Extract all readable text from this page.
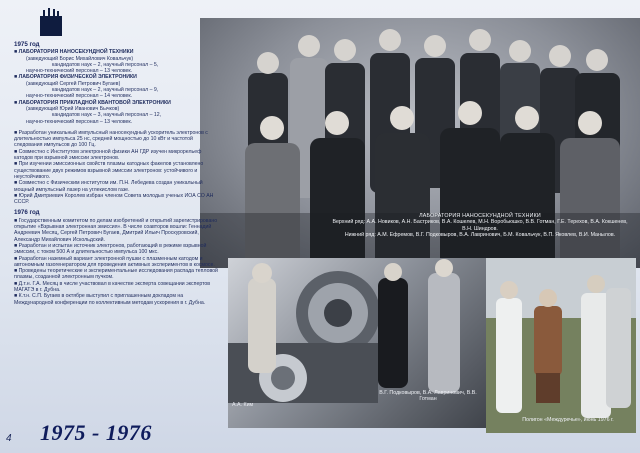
ЛАБОРАТОРИЯ НАНОСЕКУНДНОЙ ТЕХНИКИ
Верхний ряд: А.А. Новиков, А.Н. Бастриков, В.А. Кошелев, М.Н. Воробьюшко, В.В. Готман, Г.Е. Терехов, В.А. Кокшенев, В.Н. Шиндров.
Нижний ряд: А.М. Ефремов, В.Г. Подковыров, В.А. Лавринович, Б.М. Ковальчук, В.П. Яковлев, В.И. Манылов.
А.А. Ким
В.Г. Подковыров, В.А. Лавринович, В.В. Готман
Полигон «Междуречье», июнь 1976 г.
1975 год
■ ЛАБОРАТОРИЯ НАНОСЕКУНДНОЙ ТЕХНИКИ
(заведующий Борис Михайлович Ковальчук)
кандидатов наук – 2, научный персонал – 5,
научно-технический персонал – 13 человек.
■ ЛАБОРАТОРИЯ ФИЗИЧЕСКОЙ ЭЛЕКТРОНИКИ
(заведующий Сергей Петрович Бугаев)
кандидатов наук – 2, научный персонал – 9,
научно-технический персонал – 14 человек.
■ ЛАБОРАТОРИЯ ПРИКЛАДНОЙ КВАНТОВОЙ ЭЛЕКТРОНИКИ
(заведующий Юрий Иванович Бычков)
кандидатов наук – 3, научный персонал – 12,
научно-технический персонал – 13 человек.

■ Разработан уникальный импульсный наносекундный ускоритель электронов с длительностью импульса 25 нс, средней мощностью до 10 кВт и частотой следования импульсов до 100 Гц.

■ Совместно с Институтом электронной физики АН ГДР изучен микрорельеф катодов при взрывной эмиссии электронов.

■ При изучении эмиссионных свойств плазмы катодных факелов установлено существование двух режимов взрывной эмиссии электронов: устойчивого и неустойчивого.

■ Совместно с Физическим институтом им. П.Н. Лебедева создан уникальный мощный импульсный лазер на углекислом газе.

■ Юрий Дмитриевич Королев избран членом Совета молодых ученых ИОА СО АН СССР.

1976 год

■ Государственным комитетом по делам изобретений и открытий зарегистрировано открытие «Взрывная электронная эмиссия». В числе соавторов вошли: Геннадий Андреевич Месяц, Сергей Петрович Бугаев, Дмитрий Ильич Проскуровский, Александр Михайлович Искольдский.

■ Разработан и испытан источник электронов, работающий в режиме взрывной эмиссии, с током 500 А и длительностью импульса 100 мкс.

■ Разработан наземный вариант электронной пушки с плазменным катодом и автономным газогенератором для проведения активных экспериментов в космосе.

■ Проведены теоретические и экспериментальные исследования распада тепловой плазмы, созданной электронным пучком.

■ Д.т.н. Г.А. Месяц в числе участвовал в качестве эксперта совещании экспертов МАГАТЭ в г. Дубна.

■ К.т.н. С.П. Бугаев в октябре выступил с приглашенным докладом на Международной конференции по коллективным методам ускорения в г. Дубна.

4 1975 - 1976
